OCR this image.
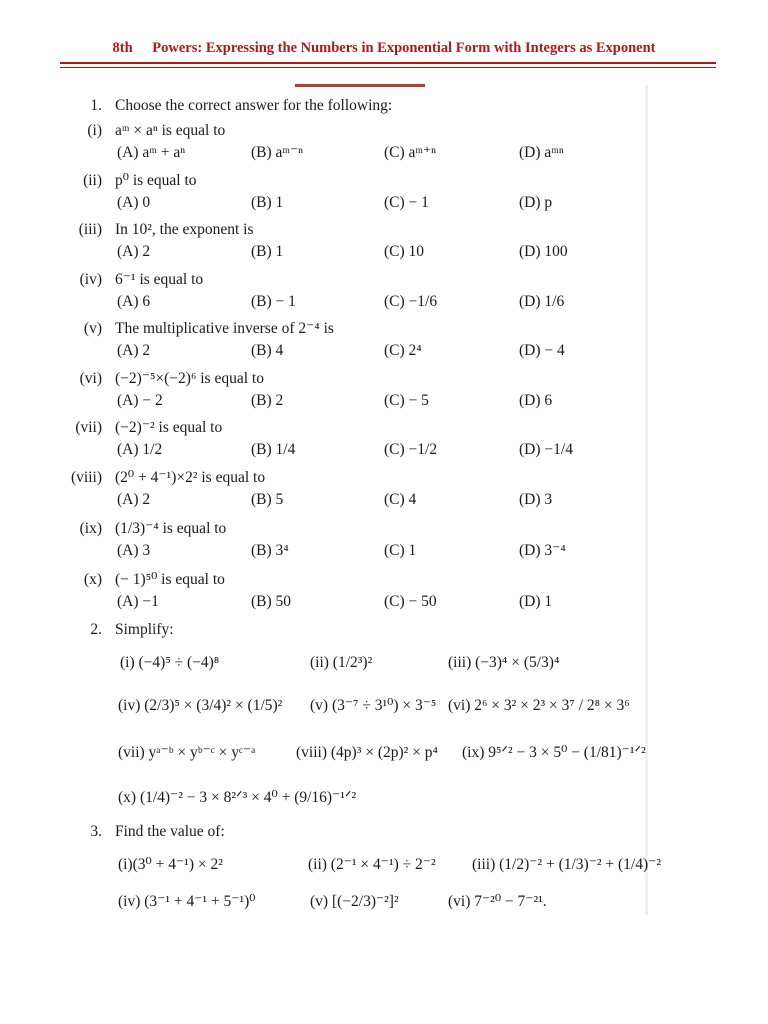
8th Powers: Expressing the Numbers in Exponential Form with Integers as Exponent
1. Choose the correct answer for the following:
(i) aᵐ × aⁿ is equal to
(A) aᵐ + aⁿ	(B) aᵐ⁻ⁿ	(C) aᵐ⁺ⁿ	(D) aᵐⁿ
(ii) p⁰ is equal to
(A) 0	(B) 1	(C) − 1	(D) p
(iii) In 10², the exponent is
(A) 2	(B) 1	(C) 10	(D) 100
(iv) 6⁻¹ is equal to
(A) 6	(B) − 1	(C) −1/6	(D) 1/6
(v) The multiplicative inverse of 2⁻⁴ is
(A) 2	(B) 4	(C) 2⁴	(D) − 4
(vi) (−2)⁻⁵×(−2)⁶ is equal to
(A) − 2	(B) 2	(C) − 5	(D) 6
(vii) (−2)⁻² is equal to
(A) 1/2	(B) 1/4	(C) −1/2	(D) −1/4
(viii) (2⁰ + 4⁻¹)×2² is equal to
(A) 2	(B) 5	(C) 4	(D) 3
(ix) (1/3)⁻⁴ is equal to
(A) 3	(B) 3⁴	(C) 1	(D) 3⁻⁴
(x) (− 1)⁵⁰ is equal to
(A) −1	(B) 50	(C) − 50	(D) 1
2. Simplify:
(i) (−4)⁵ ÷ (−4)⁸	(ii) (1/2³)²	(iii) (−3)⁴ × (5/3)⁴
(iv) (2/3)⁵ × (3/4)² × (1/5)² (v) (3⁻⁷ ÷ 3¹⁰) × 3⁻⁵ (vi) 2⁶ × 3² × 2³ × 3⁷ / 2⁸ × 3⁶
(vii) yᵃ⁻ᵇ × yᵇ⁻ᶜ × yᶜ⁻ᵃ	(viii) (4p)³ × (2p)² × p⁴ (ix) 9⁵ᐟ² − 3 × 5⁰ − (1/81)⁻¹ᐟ²
(x) (1/4)⁻² − 3 × 8²ᐟ³ × 4⁰ + (9/16)⁻¹ᐟ²
3. Find the value of:
(i)(3⁰ + 4⁻¹) × 2²	(ii) (2⁻¹ × 4⁻¹) ÷ 2⁻² (iii) (1/2)⁻² + (1/3)⁻² + (1/4)⁻²
(iv) (3⁻¹ + 4⁻¹ + 5⁻¹)⁰	(v) [(−2/3)⁻²]²	(vi) 7⁻²⁰ − 7⁻²¹.
